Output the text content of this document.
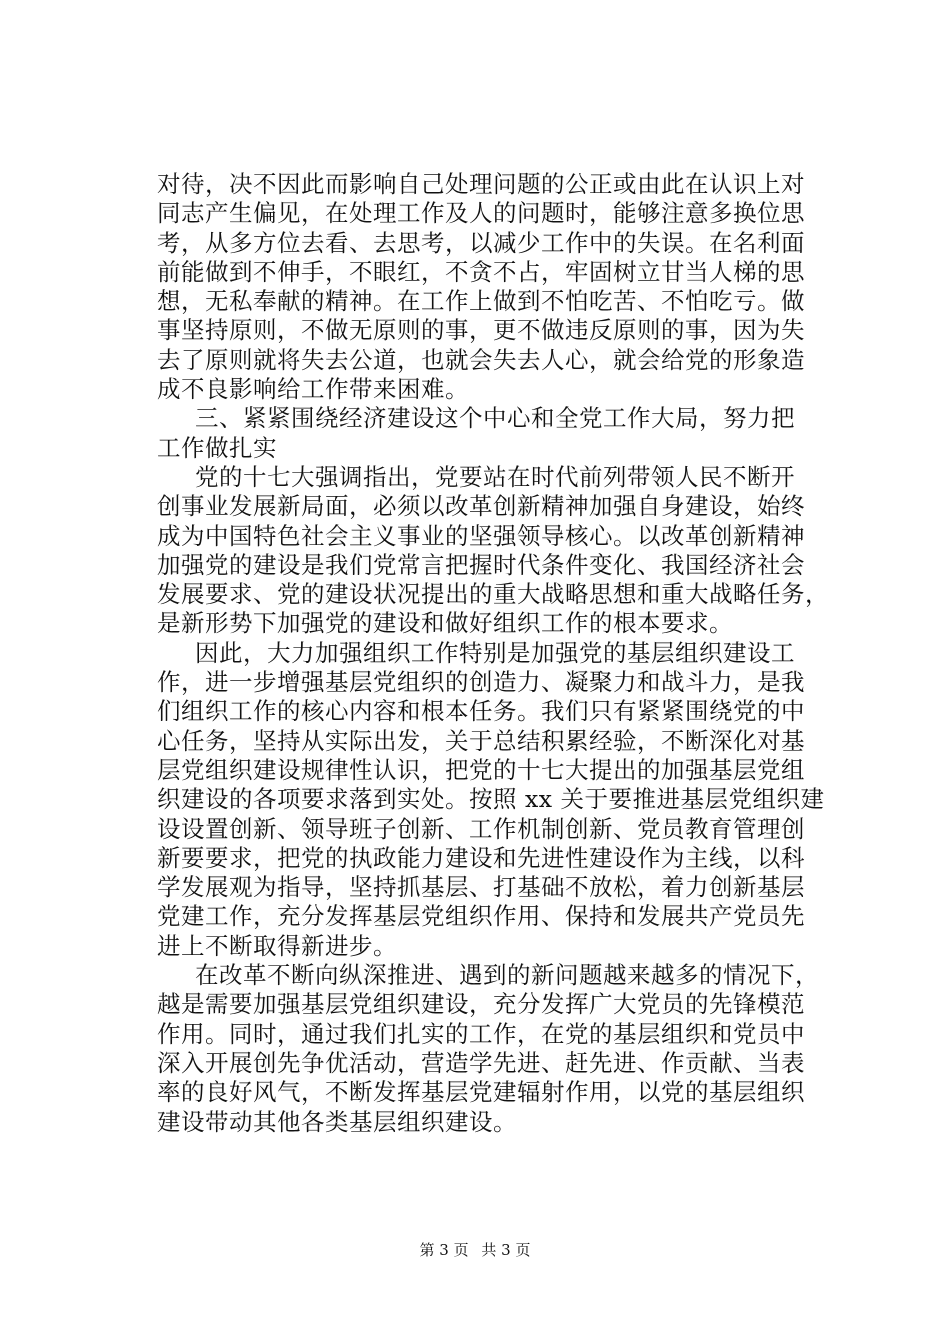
对待，决不因此而影响自己处理问题的公正或由此在认识上对
同志产生偏见，在处理工作及人的问题时，能够注意多换位思
考，从多方位去看、去思考，以减少工作中的失误。在名利面
前能做到不伸手，不眼红，不贪不占，牢固树立甘当人梯的思
想，无私奉献的精神。在工作上做到不怕吃苦、不怕吃亏。做
事坚持原则，不做无原则的事，更不做违反原则的事，因为失
去了原则就将失去公道，也就会失去人心，就会给党的形象造
成不良影响给工作带来困难。
三、紧紧围绕经济建设这个中心和全党工作大局，努力把
工作做扎实
党的十七大强调指出，党要站在时代前列带领人民不断开
创事业发展新局面，必须以改革创新精神加强自身建设，始终
成为中国特色社会主义事业的坚强领导核心。以改革创新精神
加强党的建设是我们党常言把握时代条件变化、我国经济社会
发展要求、党的建设状况提出的重大战略思想和重大战略任务，
是新形势下加强党的建设和做好组织工作的根本要求。
因此，大力加强组织工作特别是加强党的基层组织建设工
作，进一步增强基层党组织的创造力、凝聚力和战斗力，是我
们组织工作的核心内容和根本任务。我们只有紧紧围绕党的中
心任务，坚持从实际出发，关于总结积累经验，不断深化对基
层党组织建设规律性认识，把党的十七大提出的加强基层党组
织建设的各项要求落到实处。按照 xx 关于要推进基层党组织建
设设置创新、领导班子创新、工作机制创新、党员教育管理创
新要要求，把党的执政能力建设和先进性建设作为主线，以科
学发展观为指导，坚持抓基层、打基础不放松，着力创新基层
党建工作，充分发挥基层党组织作用、保持和发展共产党员先
进上不断取得新进步。
在改革不断向纵深推进、遇到的新问题越来越多的情况下，
越是需要加强基层党组织建设，充分发挥广大党员的先锋模范
作用。同时，通过我们扎实的工作，在党的基层组织和党员中
深入开展创先争优活动，营造学先进、赶先进、作贡献、当表
率的良好风气，不断发挥基层党建辐射作用，以党的基层组织
建设带动其他各类基层组织建设。
第 3 页 共 3 页
